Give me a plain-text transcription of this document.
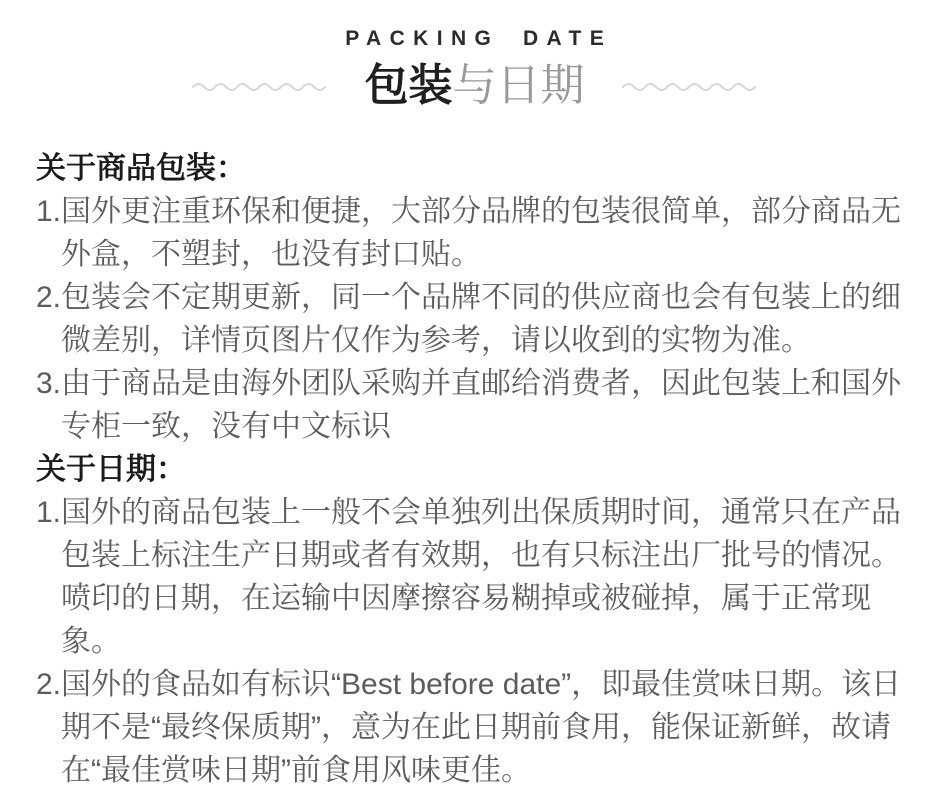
PACKING DATE
包装与日期
关于商品包装：
1. 国外更注重环保和便捷，大部分品牌的包装很简单，部分商品无外盒，不塑封，也没有封口贴。
2. 包装会不定期更新，同一个品牌不同的供应商也会有包装上的细微差别，详情页图片仅作为参考，请以收到的实物为准。
3. 由于商品是由海外团队采购并直邮给消费者，因此包装上和国外专柜一致，没有中文标识
关于日期：
1. 国外的商品包装上一般不会单独列出保质期时间，通常只在产品包装上标注生产日期或者有效期，也有只标注出厂批号的情况。喷印的日期，在运输中因摩擦容易糊掉或被碰掉，属于正常现象。
2. 国外的食品如有标识“Best before date”，即最佳赏味日期。该日期不是“最终保质期”，意为在此日期前食用，能保证新鲜，故请在“最佳赏味日期”前食用风味更佳。
